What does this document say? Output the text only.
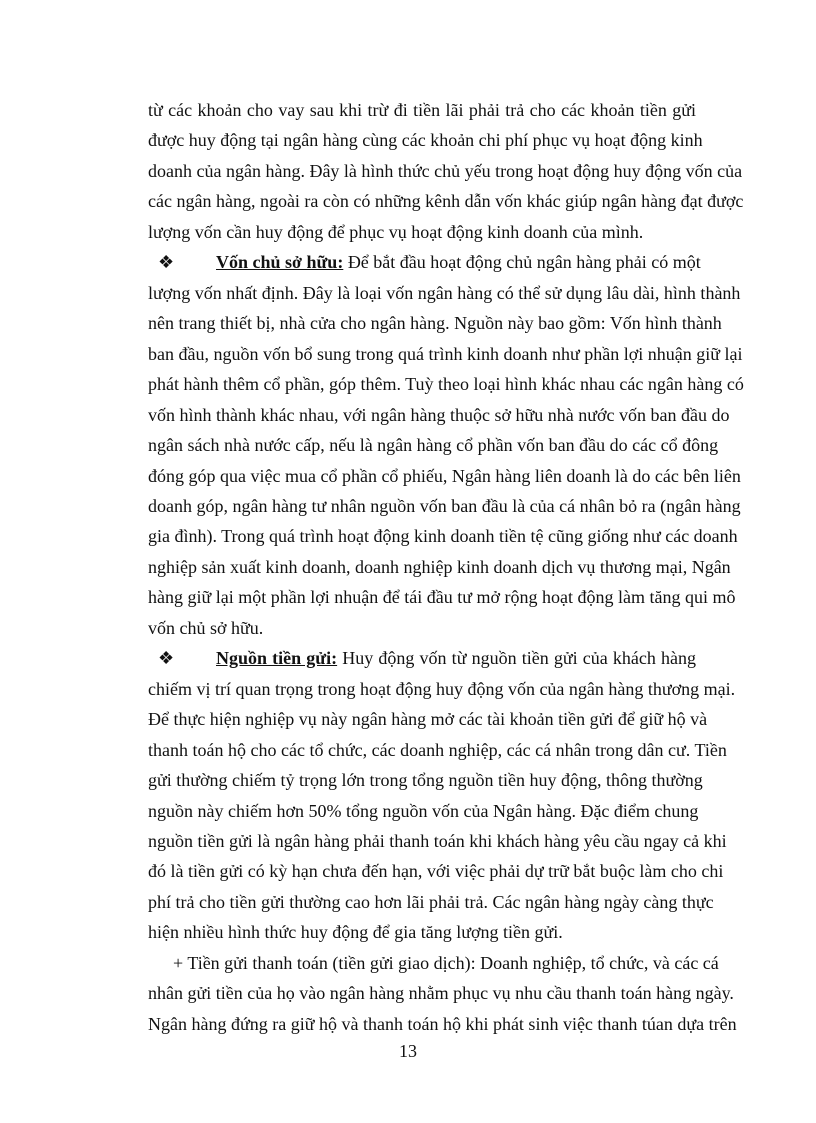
từ các khoản cho vay sau khi trừ đi tiền lãi phải trả cho các khoản tiền gửi
được huy động tại ngân hàng cùng các khoản chi phí phục vụ hoạt động kinh
doanh của ngân hàng. Đây là hình thức chủ yếu trong hoạt động huy động vốn của
các ngân hàng, ngoài ra còn có những kênh dẫn vốn khác giúp ngân hàng đạt được
lượng vốn cần huy động để phục vụ hoạt động kinh doanh của mình.
❖ Vốn chủ sở hữu: Để bắt đầu hoạt động chủ ngân hàng phải có một
lượng vốn nhất định. Đây là loại vốn ngân hàng có thể sử dụng lâu dài, hình thành
nên trang thiết bị, nhà cửa cho ngân hàng. Nguồn này bao gồm: Vốn hình thành
ban đầu, nguồn vốn bổ sung trong quá trình kinh doanh như phần lợi nhuận giữ lại
phát hành thêm cổ phần, góp thêm. Tuỳ theo loại hình khác nhau các ngân hàng có
vốn hình thành khác nhau, với ngân hàng thuộc sở hữu nhà nước vốn ban đầu do
ngân sách nhà nước cấp, nếu là ngân hàng cổ phần vốn ban đầu do các cổ đông
đóng góp qua việc mua cổ phần cổ phiếu, Ngân hàng liên doanh là do các bên liên
doanh góp, ngân hàng tư nhân nguồn vốn ban đầu là của cá nhân bỏ ra (ngân hàng
gia đình). Trong quá trình hoạt động kinh doanh tiền tệ cũng giống như các doanh
nghiệp sản xuất kinh doanh, doanh nghiệp kinh doanh dịch vụ thương mại, Ngân
hàng giữ lại một phần lợi nhuận để tái đầu tư mở rộng hoạt động làm tăng qui mô
vốn chủ sở hữu.
❖ Nguồn tiền gửi: Huy động vốn từ nguồn tiền gửi của khách hàng
chiếm vị trí quan trọng trong hoạt động huy động vốn của ngân hàng thương mại.
Để thực hiện nghiệp vụ này ngân hàng mở các tài khoản tiền gửi để giữ hộ và
thanh toán hộ cho các tổ chức, các doanh nghiệp, các cá nhân trong dân cư. Tiền
gửi thường chiếm tỷ trọng lớn trong tổng nguồn tiền huy động, thông thường
nguồn này chiếm hơn 50% tổng nguồn vốn của Ngân hàng. Đặc điểm chung
nguồn tiền gửi là ngân hàng phải thanh toán khi khách hàng yêu cầu ngay cả khi
đó là tiền gửi có kỳ hạn chưa đến hạn, với việc phải dự trữ bắt buộc làm cho chi
phí trả cho tiền gửi thường cao hơn lãi phải trả. Các ngân hàng ngày càng thực
hiện nhiều hình thức huy động để gia tăng lượng tiền gửi.
+ Tiền gửi thanh toán (tiền gửi giao dịch): Doanh nghiệp, tổ chức, và các cá
nhân gửi tiền của họ vào ngân hàng nhằm phục vụ nhu cầu thanh toán hàng ngày.
Ngân hàng đứng ra giữ hộ và thanh toán hộ khi phát sinh việc thanh túan dựa trên
13
